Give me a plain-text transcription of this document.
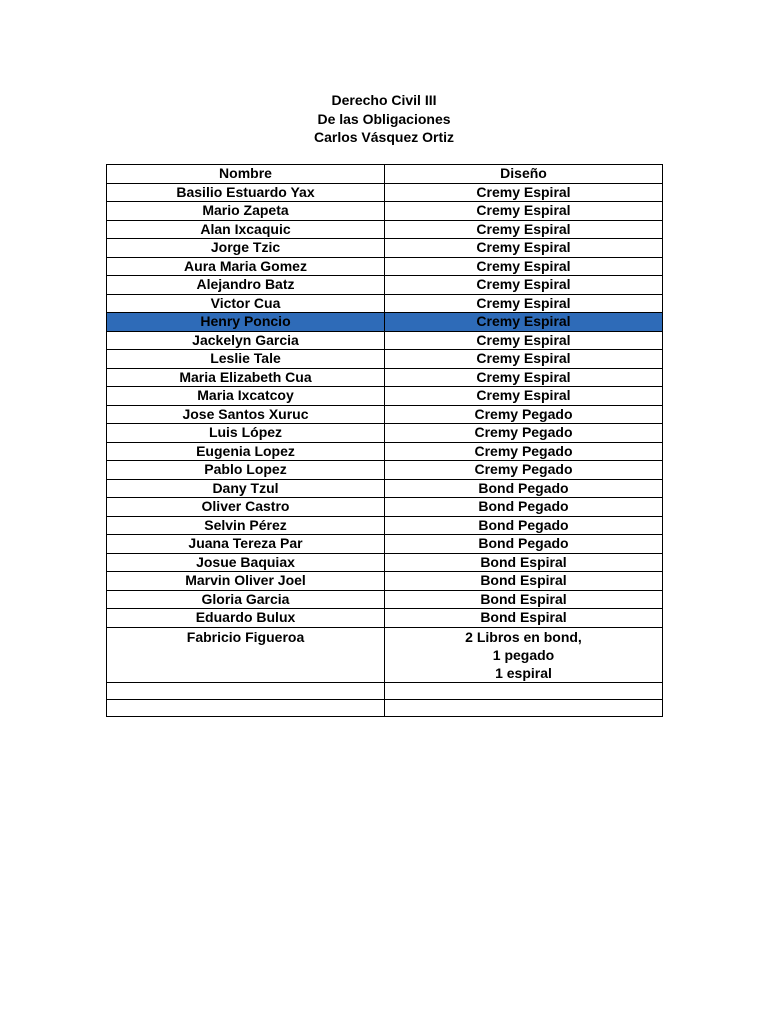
Derecho Civil III
De las Obligaciones
Carlos Vásquez Ortiz
Nombre	Diseño
Basilio Estuardo Yax	Cremy Espiral
Mario Zapeta	Cremy Espiral
Alan Ixcaquic	Cremy Espiral
Jorge Tzic	Cremy Espiral
Aura Maria Gomez	Cremy Espiral
Alejandro Batz	Cremy Espiral
Victor Cua	Cremy Espiral
Henry Poncio	Cremy Espiral
Jackelyn Garcia	Cremy Espiral
Leslie Tale	Cremy Espiral
Maria Elizabeth Cua	Cremy Espiral
Maria Ixcatcoy	Cremy Espiral
Jose Santos Xuruc	Cremy Pegado
Luis López	Cremy Pegado
Eugenia Lopez	Cremy Pegado
Pablo Lopez	Cremy Pegado
Dany Tzul	Bond Pegado
Oliver Castro	Bond Pegado
Selvin Pérez	Bond Pegado
Juana Tereza Par	Bond Pegado
Josue Baquiax	Bond Espiral
Marvin Oliver Joel	Bond Espiral
Gloria Garcia	Bond Espiral
Eduardo Bulux	Bond Espiral

Fabricio Figueroa	2 Libros en bond,
1 pegado
1 espiral
